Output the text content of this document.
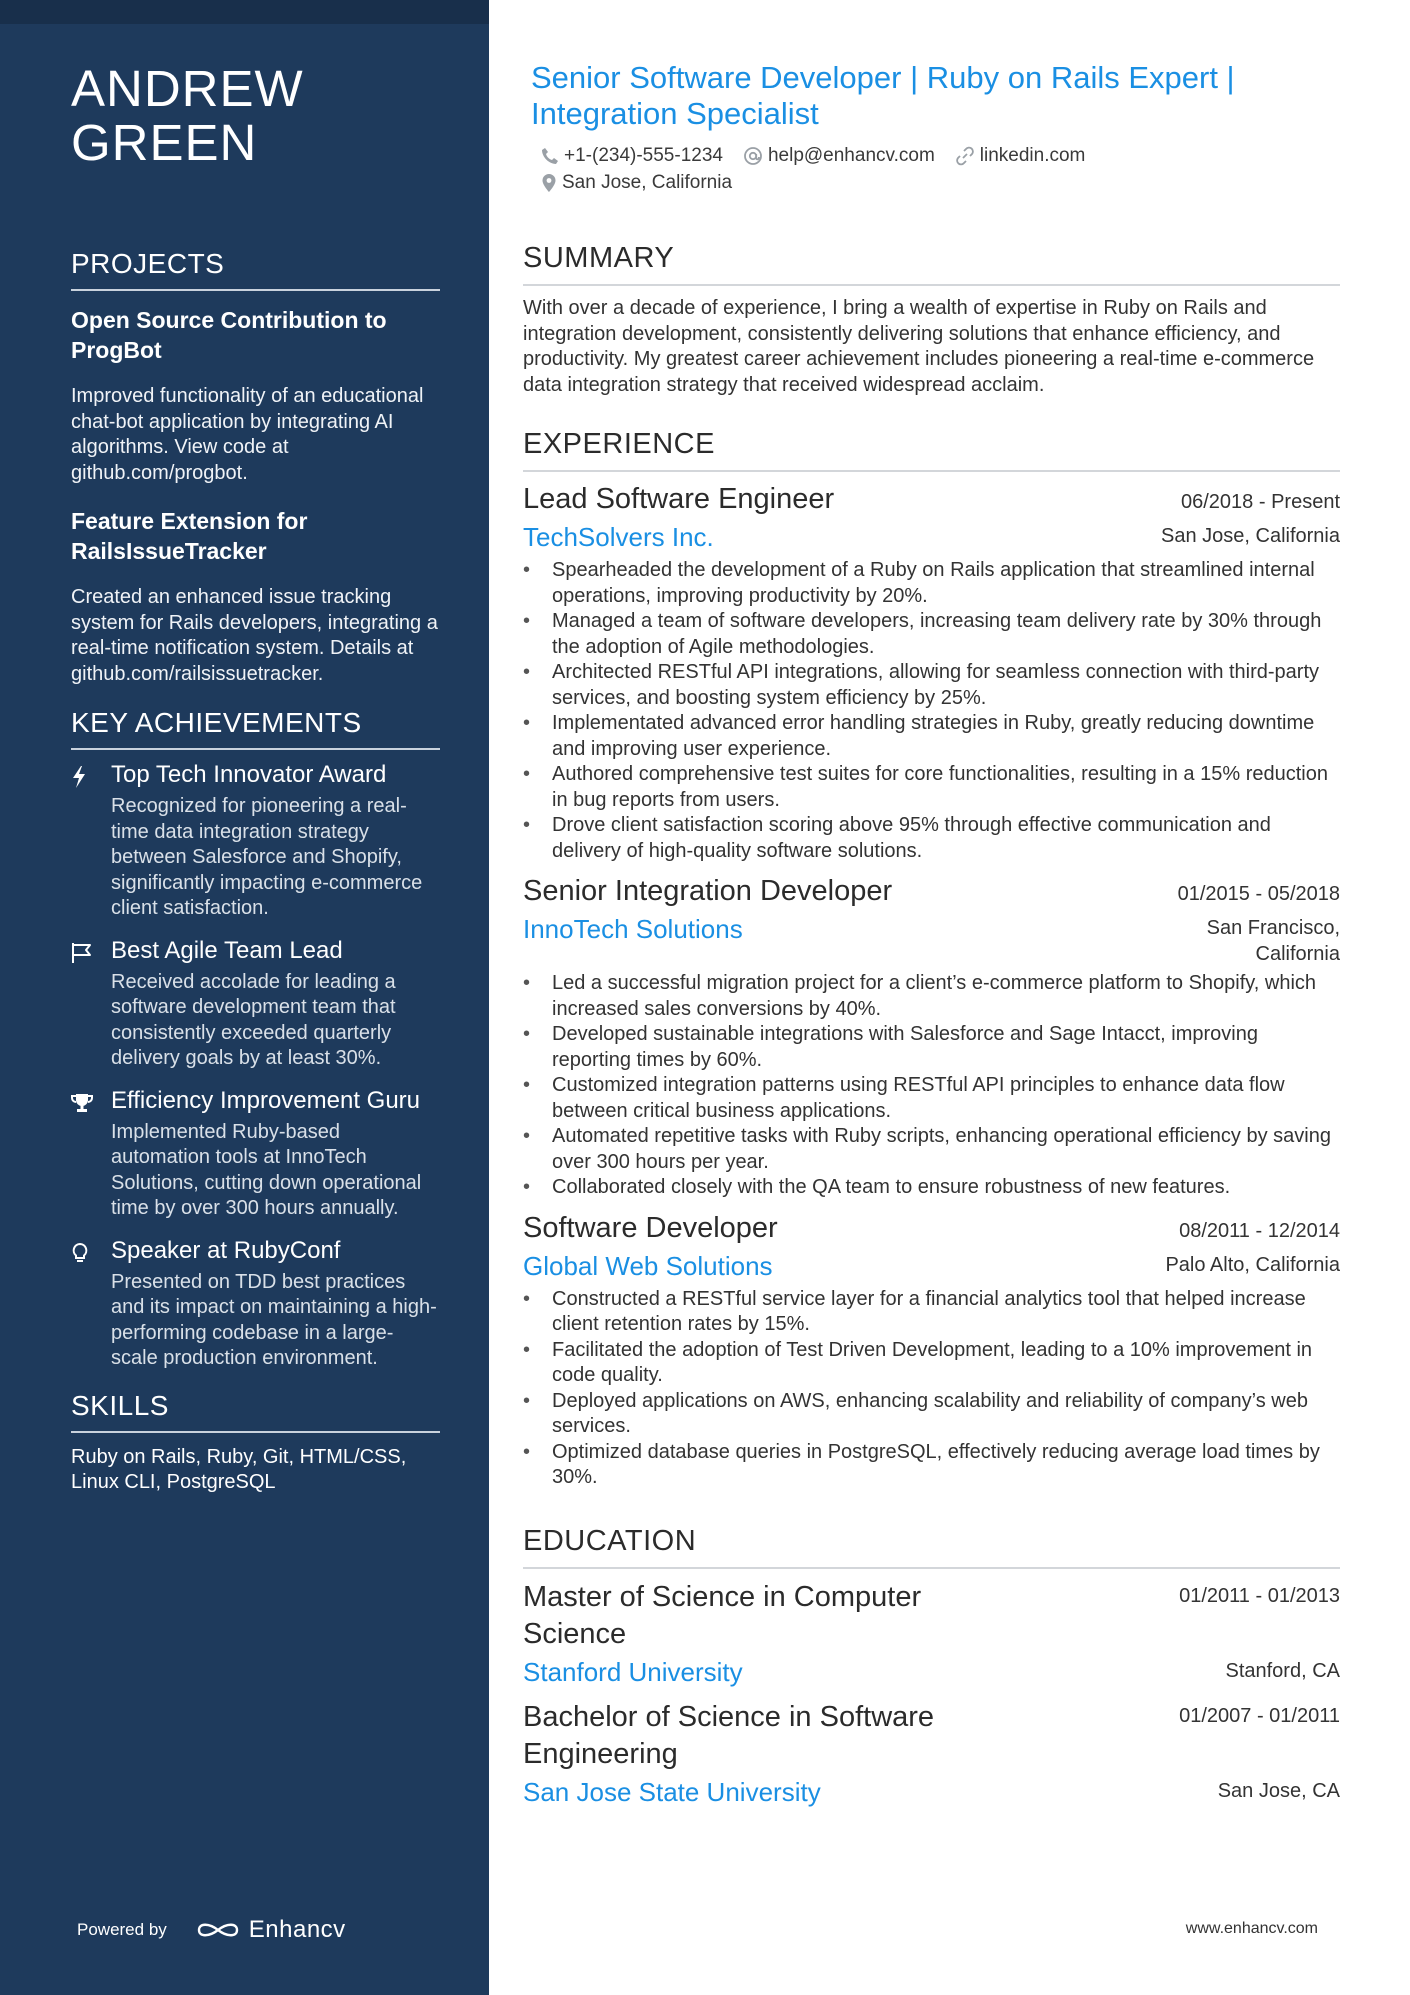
ANDREW
GREEN
PROJECTS
Open Source Contribution to ProgBot
Improved functionality of an educational chat-bot application by integrating AI algorithms. View code at github.com/progbot.
Feature Extension for RailsIssueTracker
Created an enhanced issue tracking system for Rails developers, integrating a real-time notification system. Details at github.com/railsissuetracker.
KEY ACHIEVEMENTS
Top Tech Innovator Award
Recognized for pioneering a real-time data integration strategy between Salesforce and Shopify, significantly impacting e-commerce client satisfaction.
Best Agile Team Lead
Received accolade for leading a software development team that consistently exceeded quarterly delivery goals by at least 30%.
Efficiency Improvement Guru
Implemented Ruby-based automation tools at InnoTech Solutions, cutting down operational time by over 300 hours annually.
Speaker at RubyConf
Presented on TDD best practices and its impact on maintaining a high-performing codebase in a large-scale production environment.
SKILLS
Ruby on Rails, Ruby, Git, HTML/CSS, Linux CLI, PostgreSQL
Powered by	Enhancv
Senior Software Developer | Ruby on Rails Expert | Integration Specialist
+1-(234)-555-1234 help@enhancv.com linkedin.com
San Jose, California
SUMMARY
With over a decade of experience, I bring a wealth of expertise in Ruby on Rails and integration development, consistently delivering solutions that enhance efficiency, and productivity. My greatest career achievement includes pioneering a real-time e-commerce data integration strategy that received widespread acclaim.
EXPERIENCE
Lead Software Engineer	06/2018 - Present
TechSolvers Inc.	San Jose, California
• Spearheaded the development of a Ruby on Rails application that streamlined internal operations, improving productivity by 20%.
• Managed a team of software developers, increasing team delivery rate by 30% through the adoption of Agile methodologies.
• Architected RESTful API integrations, allowing for seamless connection with third-party services, and boosting system efficiency by 25%.
• Implementated advanced error handling strategies in Ruby, greatly reducing downtime and improving user experience.
• Authored comprehensive test suites for core functionalities, resulting in a 15% reduction in bug reports from users.
• Drove client satisfaction scoring above 95% through effective communication and delivery of high-quality software solutions.
Senior Integration Developer	01/2015 - 05/2018
InnoTech Solutions	San Francisco, California
• Led a successful migration project for a client’s e-commerce platform to Shopify, which increased sales conversions by 40%.
• Developed sustainable integrations with Salesforce and Sage Intacct, improving reporting times by 60%.
• Customized integration patterns using RESTful API principles to enhance data flow between critical business applications.
• Automated repetitive tasks with Ruby scripts, enhancing operational efficiency by saving over 300 hours per year.
• Collaborated closely with the QA team to ensure robustness of new features.
Software Developer	08/2011 - 12/2014
Global Web Solutions	Palo Alto, California
• Constructed a RESTful service layer for a financial analytics tool that helped increase client retention rates by 15%.
• Facilitated the adoption of Test Driven Development, leading to a 10% improvement in code quality.
• Deployed applications on AWS, enhancing scalability and reliability of company’s web services.
• Optimized database queries in PostgreSQL, effectively reducing average load times by 30%.
EDUCATION
Master of Science in Computer Science
01/2011 - 01/2013
Stanford University	Stanford, CA
Bachelor of Science in Software Engineering
01/2007 - 01/2011
San Jose State University	San Jose, CA
www.enhancv.com
